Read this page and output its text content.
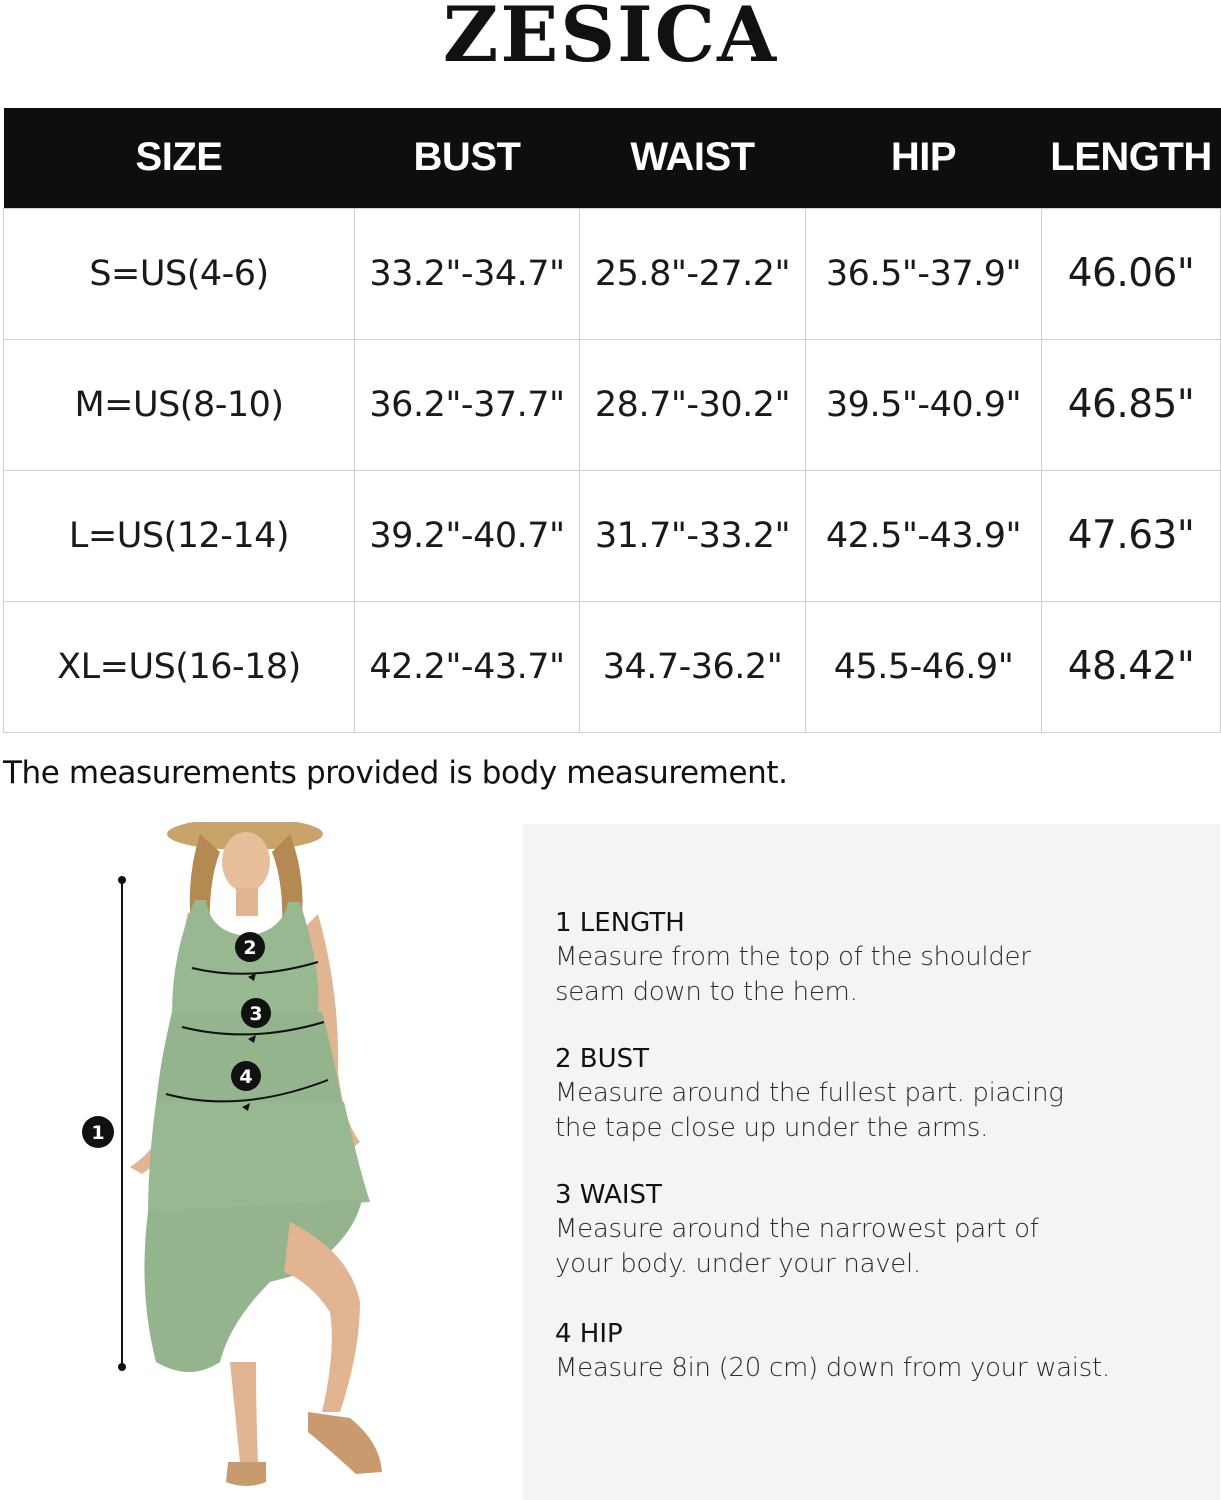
ZESICA
SIZE	BUST	WAIST	HIP	LENGTH
S=US(4-6)	33.2"-34.7"	25.8"-27.2"	36.5"-37.9"	46.06"
M=US(8-10)	36.2"-37.7"	28.7"-30.2"	39.5"-40.9"	46.85"
L=US(12-14)	39.2"-40.7"	31.7"-33.2"	42.5"-43.9"	47.63"
XL=US(16-18)	42.2"-43.7"	34.7-36.2"	45.5-46.9"	48.42"
The measurements provided is body measurement.
1
2
3
4
1 LENGTH
Measure from the top of the shoulder
seam down to the hem.
2 BUST
Measure around the fullest part. piacing
the tape close up under the arms.
3 WAIST
Measure around the narrowest part of
your body. under your navel.
4 HIP
Measure 8in (20 cm) down from your waist.
